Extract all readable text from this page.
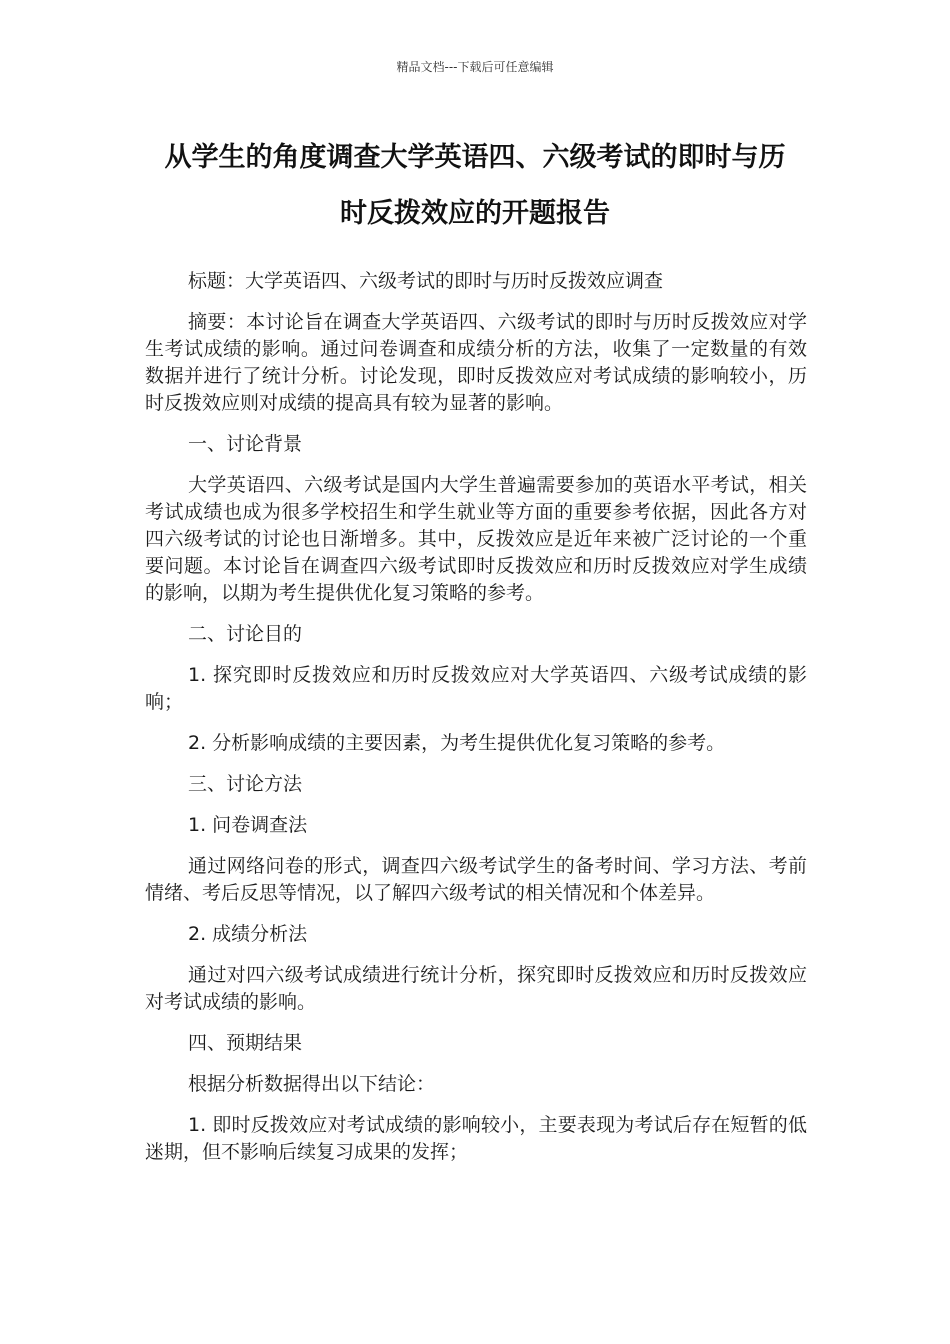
精品文档---下载后可任意编辑
从学生的角度调查大学英语四、六级考试的即时与历
时反拨效应的开题报告

标题：大学英语四、六级考试的即时与历时反拨效应调查

摘要：本讨论旨在调查大学英语四、六级考试的即时与历时反拨效应对学生考试成绩的影响。通过问卷调查和成绩分析的方法，收集了一定数量的有效数据并进行了统计分析。讨论发现，即时反拨效应对考试成绩的影响较小，历时反拨效应则对成绩的提高具有较为显著的影响。

一、讨论背景

大学英语四、六级考试是国内大学生普遍需要参加的英语水平考试，相关考试成绩也成为很多学校招生和学生就业等方面的重要参考依据，因此各方对四六级考试的讨论也日渐增多。其中，反拨效应是近年来被广泛讨论的一个重要问题。本讨论旨在调查四六级考试即时反拨效应和历时反拨效应对学生成绩的影响，以期为考生提供优化复习策略的参考。

二、讨论目的

1. 探究即时反拨效应和历时反拨效应对大学英语四、六级考试成绩的影响；

2. 分析影响成绩的主要因素，为考生提供优化复习策略的参考。

三、讨论方法

1. 问卷调查法

通过网络问卷的形式，调查四六级考试学生的备考时间、学习方法、考前情绪、考后反思等情况，以了解四六级考试的相关情况和个体差异。

2. 成绩分析法

通过对四六级考试成绩进行统计分析，探究即时反拨效应和历时反拨效应对考试成绩的影响。

四、预期结果

根据分析数据得出以下结论：

1. 即时反拨效应对考试成绩的影响较小，主要表现为考试后存在短暂的低迷期，但不影响后续复习成果的发挥；
